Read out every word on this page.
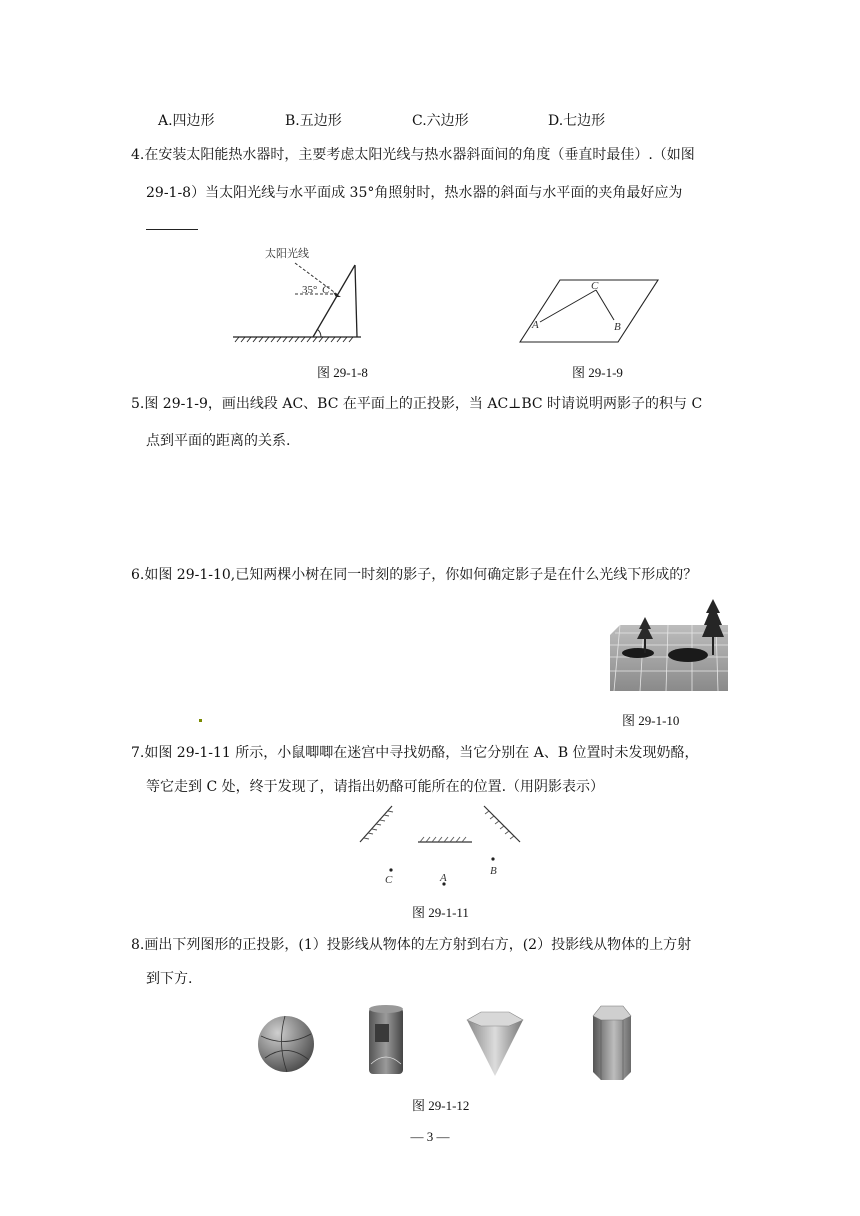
A.四边形	B.五边形	C.六边形	D.七边形
4.在安装太阳能热水器时，主要考虑太阳光线与热水器斜面间的角度（垂直时最佳）.（如图
29-1-8）当太阳光线与水平面成 35°角照射时，热水器的斜面与水平面的夹角最好应为
太阳光线
35° C
图 29-1-8
A
C
B
图 29-1-9
5.图 29-1-9，画出线段 AC、BC 在平面上的正投影，当 AC⊥BC 时请说明两影子的积与 C
点到平面的距离的关系.
6.如图 29-1-10,已知两棵小树在同一时刻的影子，你如何确定影子是在什么光线下形成的？
图 29-1-10
7.如图 29-1-11 所示，小鼠唧唧在迷宫中寻找奶酪，当它分别在 A、B 位置时未发现奶酪，
等它走到 C 处，终于发现了，请指出奶酪可能所在的位置.（用阴影表示）
C	A
B
图 29-1-11
8.画出下列图形的正投影，(1）投影线从物体的左方射到右方，(2）投影线从物体的上方射
到下方.
图 29-1-12
— 3 —
